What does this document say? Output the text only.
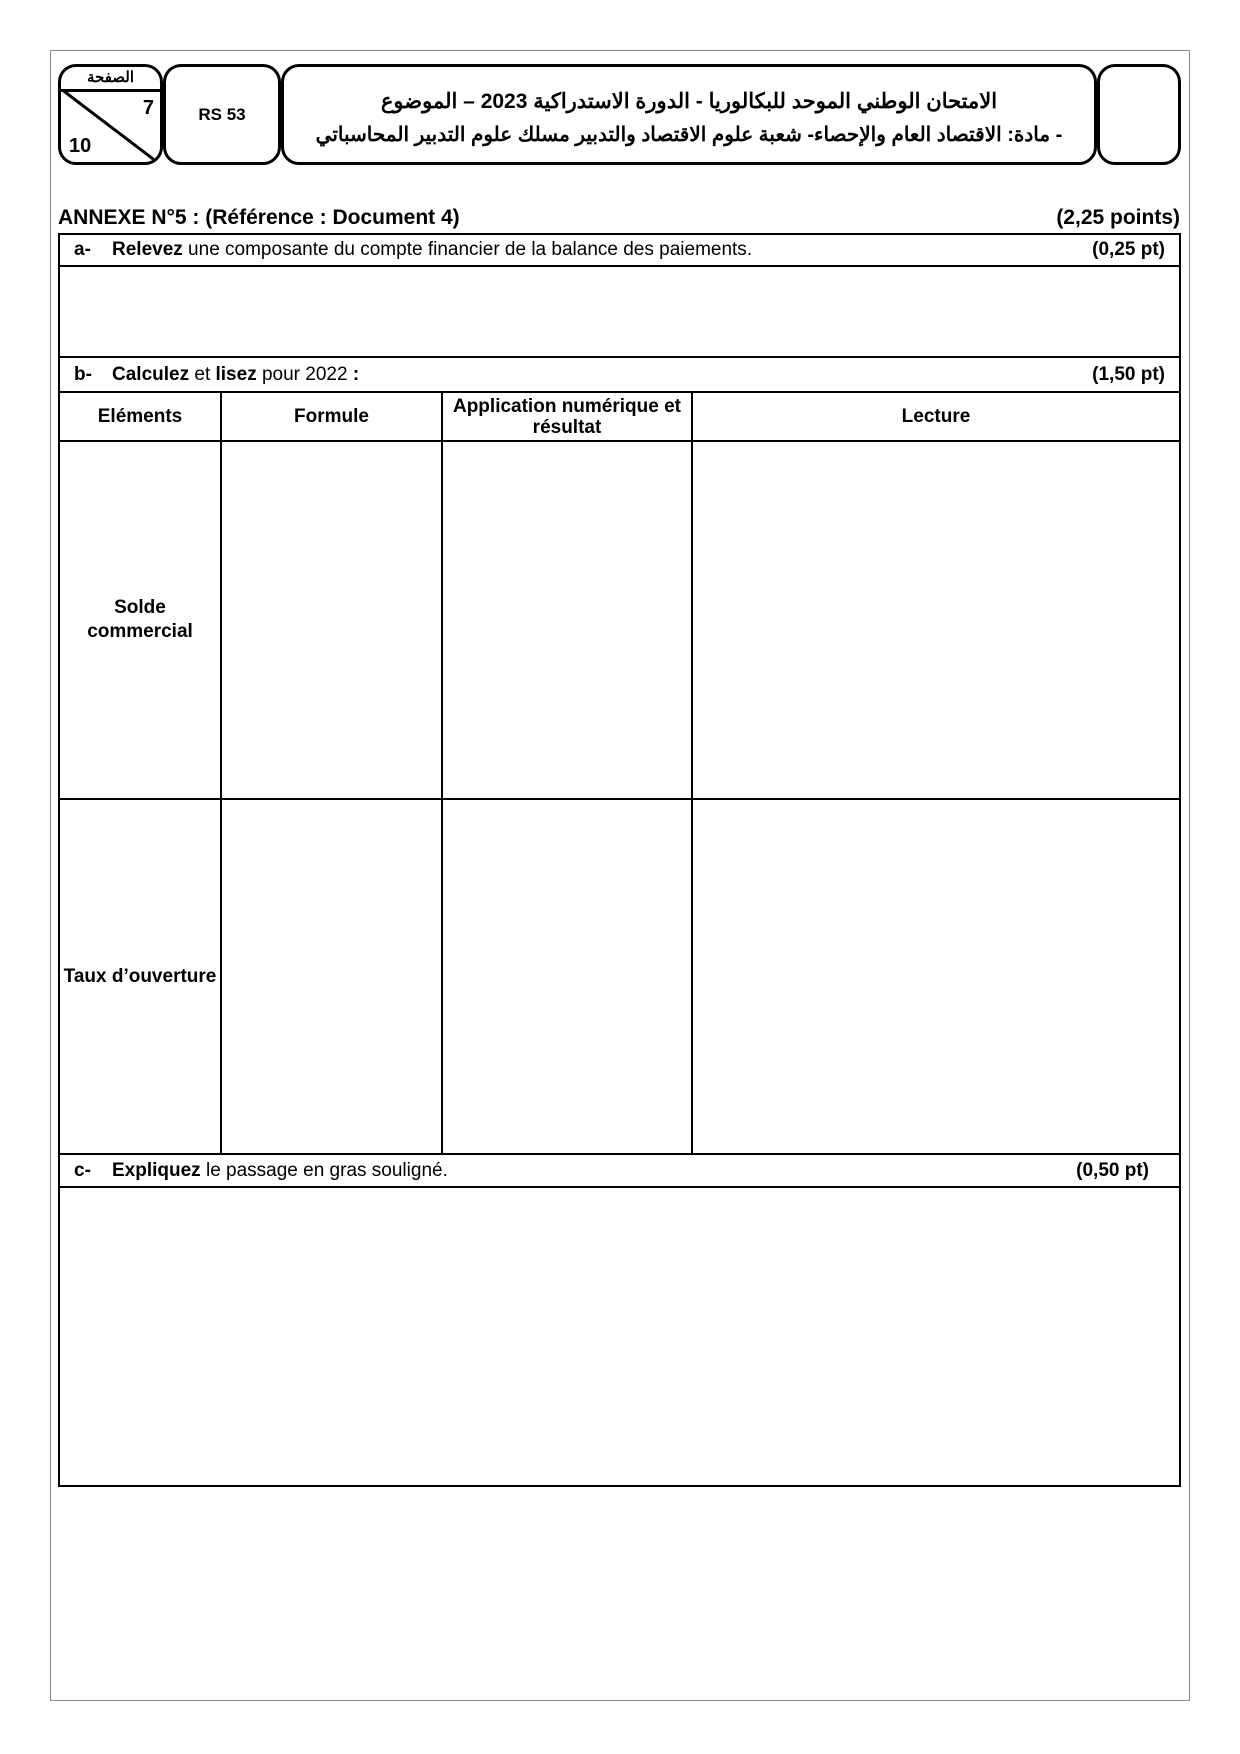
الصفحة
7
10
RS 53
الامتحان الوطني الموحد للبكالوريا - الدورة الاستدراكية 2023 – الموضوع
- مادة: الاقتصاد العام والإحصاء- شعبة علوم الاقتصاد والتدبير مسلك علوم التدبير المحاسباتي
ANNEXE N°5 : (Référence : Document 4)	(2,25 points)
a- Relevez une composante du compte financier de la balance des paiements. (0,25 pt)			

b- Calculez et lisez pour 2022 : (1,50 pt)			

Eléments	Formule	Application numérique et résultat	Lecture
Solde commercial			
Taux d’ouverture			
c- Expliquez le passage en gras souligné. (0,50 pt)			
